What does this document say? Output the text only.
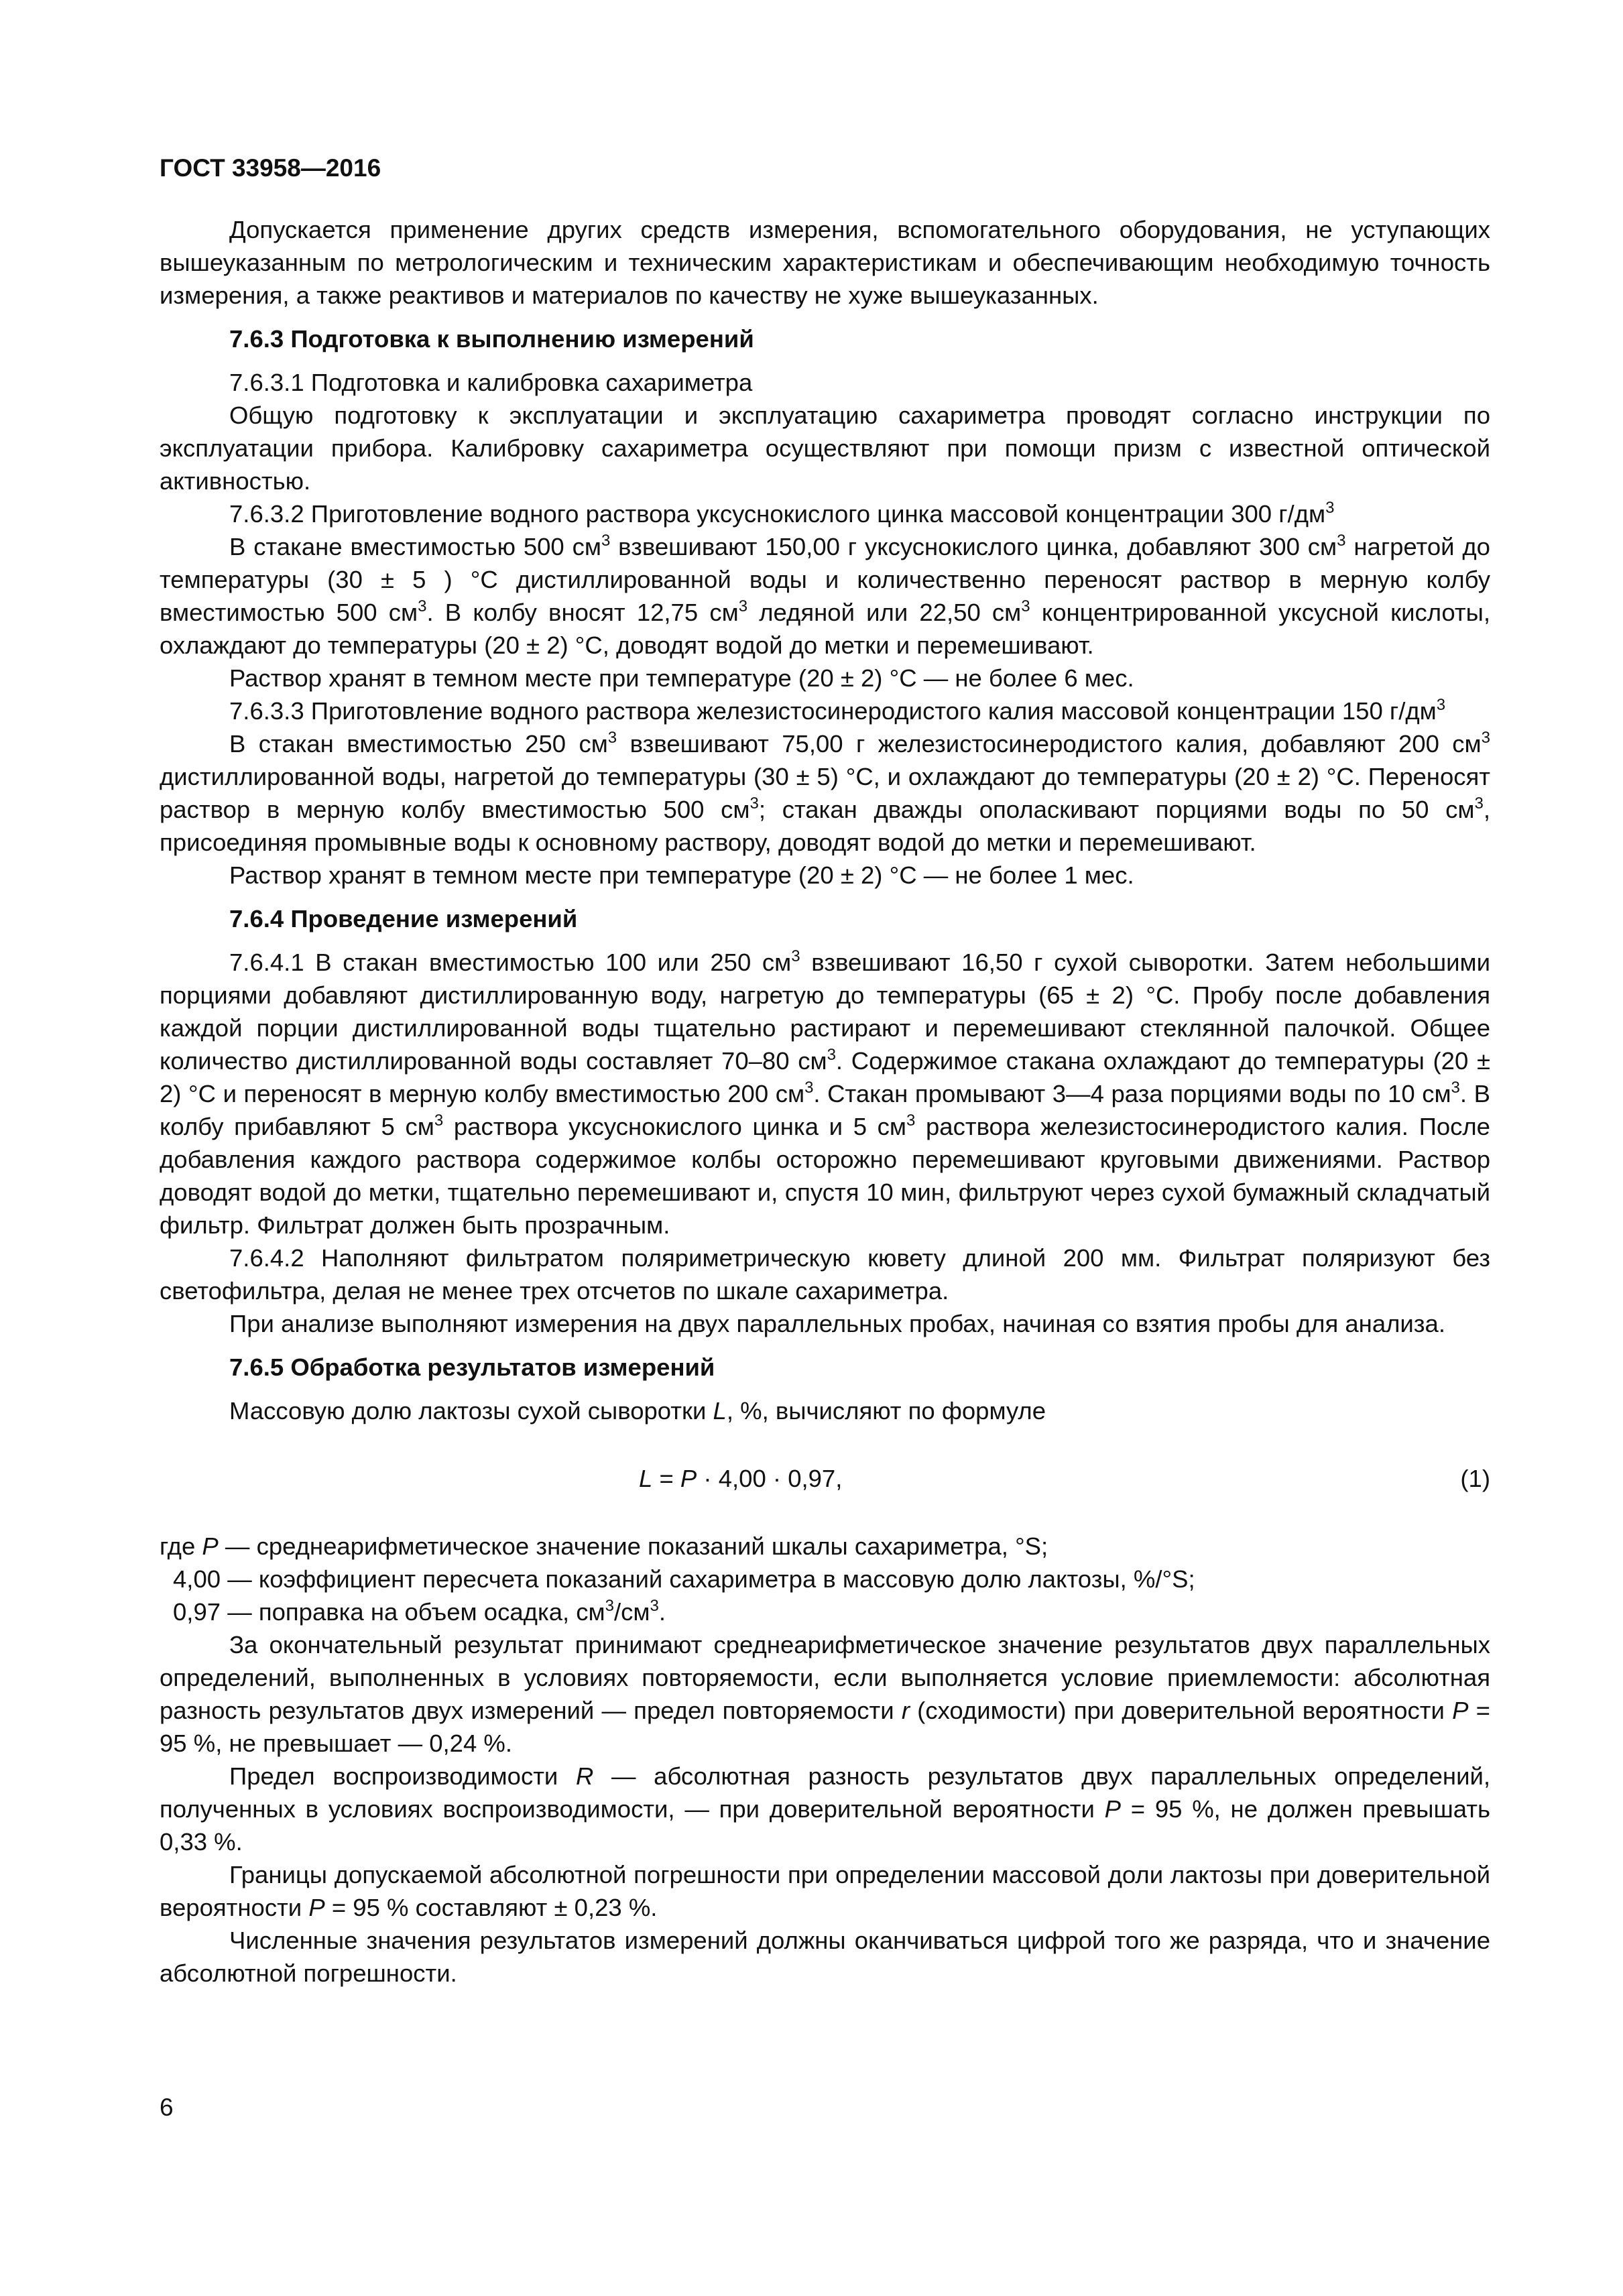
ГОСТ 33958—2016

Допускается применение других средств измерения, вспомогательного оборудования, не уступающих вышеуказанным по метрологическим и техническим характеристикам и обеспечивающим необходимую точность измерения, а также реактивов и материалов по качеству не хуже вышеуказанных.

7.6.3 Подготовка к выполнению измерений

7.6.3.1 Подготовка и калибровка сахариметра

Общую подготовку к эксплуатации и эксплуатацию сахариметра проводят согласно инструкции по эксплуатации прибора. Калибровку сахариметра осуществляют при помощи призм с известной оптической активностью.

7.6.3.2 Приготовление водного раствора уксуснокислого цинка массовой концентрации 300 $г/дм^3$

В стакане вместимостью 500 $см^3$ взвешивают 150,00 г уксуснокислого цинка, добавляют 300 $см^3$ нагретой до температуры (30 ± 5 ) °С дистиллированной воды и количественно переносят раствор в мерную колбу вместимостью 500 $см^3$. В колбу вносят 12,75 $см^3$ ледяной или 22,50 $см^3$ концентрированной уксусной кислоты, охлаждают до температуры (20 ± 2) °С, доводят водой до метки и перемешивают.

Раствор хранят в темном месте при температуре (20 ± 2) °С — не более 6 мес.

7.6.3.3 Приготовление водного раствора железистосинеродистого калия массовой концентрации 150 $г/дм^3$

В стакан вместимостью 250 $см^3$ взвешивают 75,00 г железистосинеродистого калия, добавляют 200 $см^3$ дистиллированной воды, нагретой до температуры (30 ± 5) °С, и охлаждают до температуры (20 ± 2) °С. Переносят раствор в мерную колбу вместимостью 500 $см^3$; стакан дважды ополаскивают порциями воды по 50 $см^3$, присоединяя промывные воды к основному раствору, доводят водой до метки и перемешивают.

Раствор хранят в темном месте при температуре (20 ± 2) °С — не более 1 мес.

7.6.4 Проведение измерений

7.6.4.1 В стакан вместимостью 100 или 250 $см^3$ взвешивают 16,50 г сухой сыворотки. Затем небольшими порциями добавляют дистиллированную воду, нагретую до температуры (65 ± 2) °С. Пробу после добавления каждой порции дистиллированной воды тщательно растирают и перемешивают стеклянной палочкой. Общее количество дистиллированной воды составляет 70–80 $см^3$. Содержимое стакана охлаждают до температуры (20 ± 2) °С и переносят в мерную колбу вместимостью 200 $см^3$. Стакан промывают 3—4 раза порциями воды по 10 $см^3$. В колбу прибавляют 5 $см^3$ раствора уксуснокислого цинка и 5 $см^3$ раствора железистосинеродистого калия. После добавления каждого раствора содержимое колбы осторожно перемешивают круговыми движениями. Раствор доводят водой до метки, тщательно перемешивают и, спустя 10 мин, фильтруют через сухой бумажный складчатый фильтр. Фильтрат должен быть прозрачным.

7.6.4.2 Наполняют фильтратом поляриметрическую кювету длиной 200 мм. Фильтрат поляризуют без светофильтра, делая не менее трех отсчетов по шкале сахариметра.

При анализе выполняют измерения на двух параллельных пробах, начиная со взятия пробы для анализа.

7.6.5 Обработка результатов измерений

Массовую долю лактозы сухой сыворотки L, %, вычисляют по формуле

L = P · 4,00 · 0,97,	(1)
где P — среднеарифметическое значение показаний шкалы сахариметра, °S;
4,00 — коэффициент пересчета показаний сахариметра в массовую долю лактозы, %/°S;
0,97 — поправка на объем осадка, $см^3/см^3$.

За окончательный результат принимают среднеарифметическое значение результатов двух параллельных определений, выполненных в условиях повторяемости, если выполняется условие приемлемости: абсолютная разность результатов двух измерений — предел повторяемости r (сходимости) при доверительной вероятности P = 95 %, не превышает — 0,24 %.

Предел воспроизводимости R — абсолютная разность результатов двух параллельных определений, полученных в условиях воспроизводимости, — при доверительной вероятности P = 95 %, не должен превышать 0,33 %.

Границы допускаемой абсолютной погрешности при определении массовой доли лактозы при доверительной вероятности P = 95 % составляют ± 0,23 %.

Численные значения результатов измерений должны оканчиваться цифрой того же разряда, что и значение абсолютной погрешности.

6
